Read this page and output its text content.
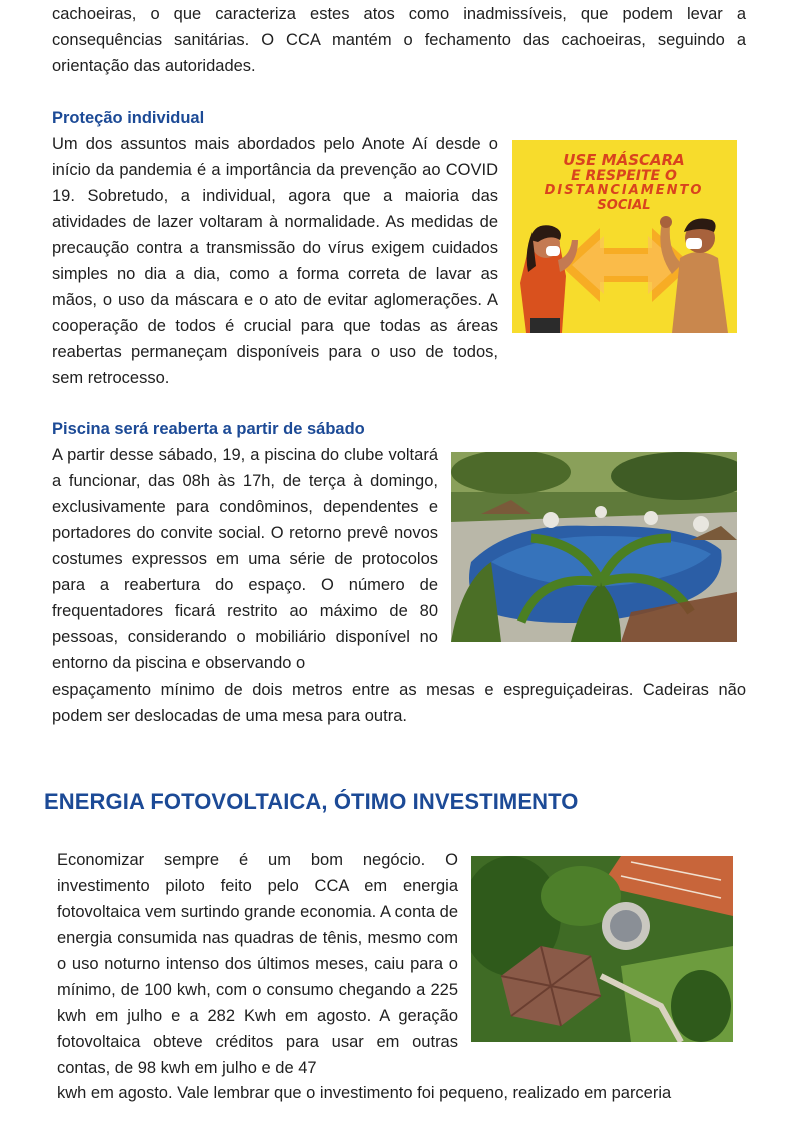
cachoeiras, o que caracteriza estes atos como inadmissíveis, que podem levar a consequências sanitárias. O CCA mantém o fechamento das cachoeiras, seguindo a orientação das autoridades.

Proteção individual

Um dos assuntos mais abordados pelo Anote Aí desde o início da pandemia é a importância da prevenção ao COVID 19. Sobretudo, a individual, agora que a maioria das atividades de lazer voltaram à normalidade. As medidas de precaução contra a transmissão do vírus exigem cuidados simples no dia a dia, como a forma correta de lavar as mãos, o uso da máscara e o ato de evitar aglomerações. A cooperação de todos é crucial para que todas as áreas reabertas permaneçam disponíveis para o uso de todos, sem retrocesso.

USE MÁSCARA
E RESPEITE O
DISTANCIAMENTO
SOCIAL
Piscina será reaberta a partir de sábado

A partir desse sábado, 19, a piscina do clube voltará a funcionar, das 08h às 17h, de terça à domingo, exclusivamente para condôminos, dependentes e portadores do convite social. O retorno prevê novos costumes expressos em uma série de protocolos para a reabertura do espaço. O número de frequentadores ficará restrito ao máximo de 80 pessoas, considerando o mobiliário disponível no entorno da piscina e observando o

espaçamento mínimo de dois metros entre as mesas e espreguiçadeiras. Cadeiras não podem ser deslocadas de uma mesa para outra.

ENERGIA FOTOVOLTAICA, ÓTIMO INVESTIMENTO

Economizar sempre é um bom negócio. O investimento piloto feito pelo CCA em energia fotovoltaica vem surtindo grande economia. A conta de energia consumida nas quadras de tênis, mesmo com o uso noturno intenso dos últimos meses, caiu para o mínimo, de 100 kwh, com o consumo chegando a 225 kwh em julho e a 282 Kwh em agosto. A geração fotovoltaica obteve créditos para usar em outras contas, de 98 kwh em julho e de 47

kwh em agosto. Vale lembrar que o investimento foi pequeno, realizado em parceria
